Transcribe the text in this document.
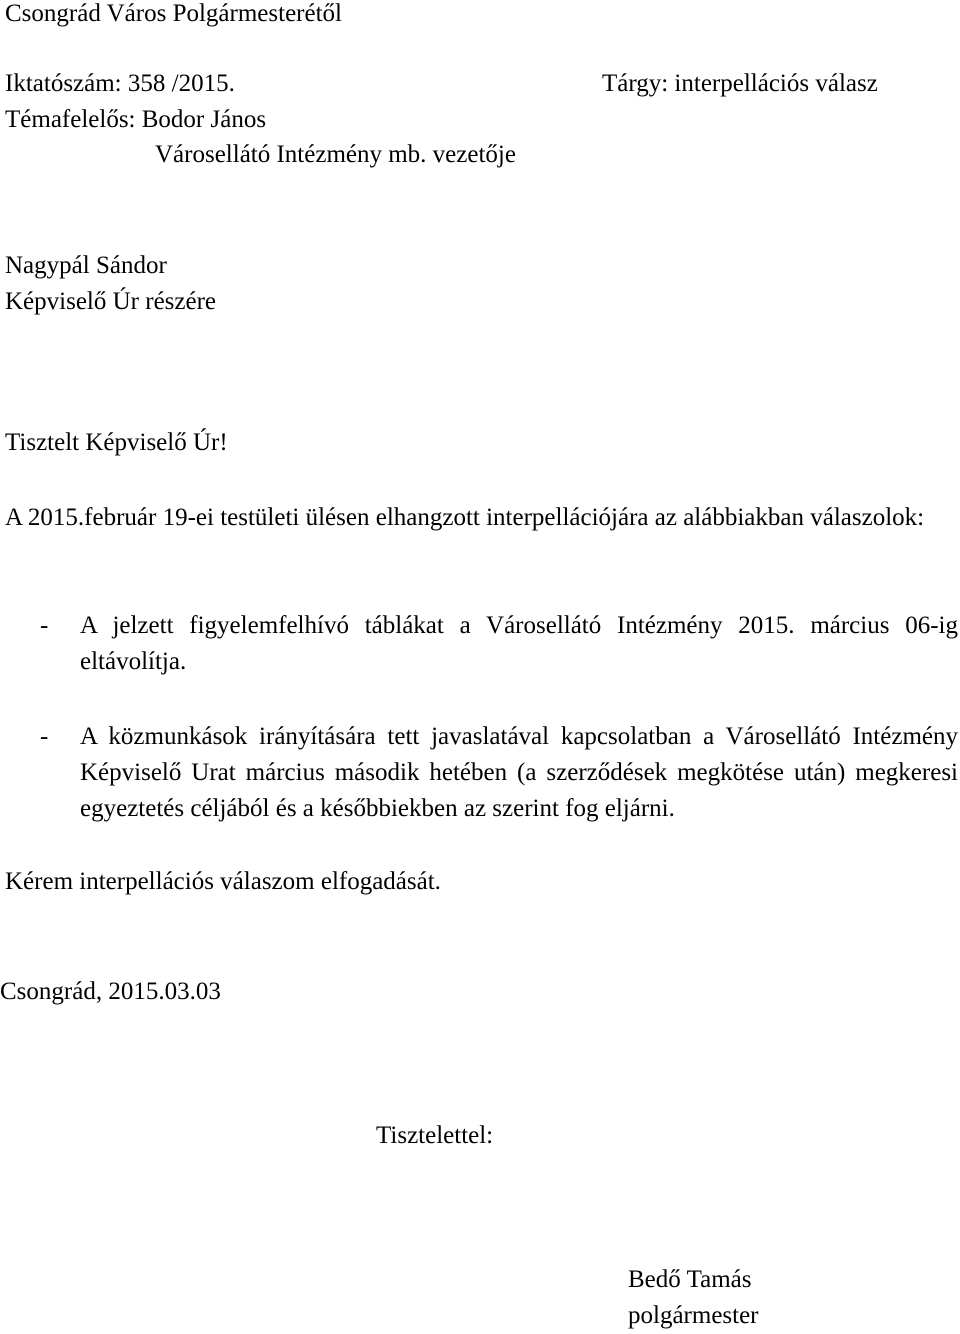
Csongrád Város Polgármesterétől

Iktatószám: 358 /2015.	Tárgy: interpellációs válasz

Témafelelős: Bodor János

Városellátó Intézmény mb. vezetője

Nagypál Sándor

Képviselő Úr részére

Tisztelt Képviselő Úr!

A 2015.február 19-ei testületi ülésen elhangzott interpellációjára az alábbiakban válaszolok:

- A jelzett figyelemfelhívó táblákat a Városellátó Intézmény 2015. március 06-ig eltávolítja.

- A közmunkások irányítására tett javaslatával kapcsolatban a Városellátó Intézmény Képviselő Urat március második hetében (a szerződések megkötése után) megkeresi egyeztetés céljából és a későbbiekben az szerint fog eljárni.

Kérem interpellációs válaszom elfogadását.

Csongrád, 2015.03.03

Tisztelettel:

Bedő Tamás

polgármester
